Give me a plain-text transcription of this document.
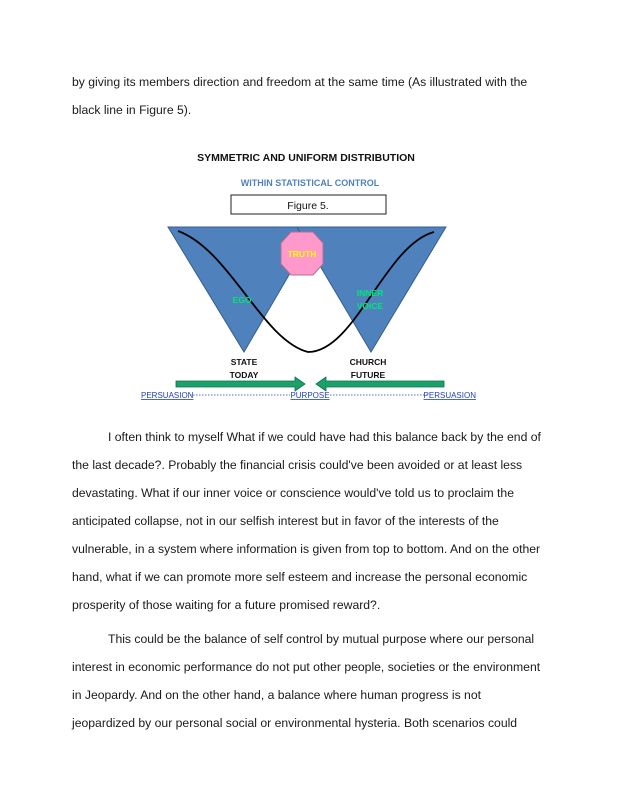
by giving its members direction and freedom at the same time (As illustrated with the
black line in Figure 5).
SYMMETRIC AND UNIFORM DISTRIBUTION
WITHIN STATISTICAL CONTROL
Figure 5.
TRUTH
EGO
INNER
VOICE
STATE
TODAY
CHURCH
FUTURE
PERSUASION	PURPOSE	PERSUASION
I often think to myself What if we could have had this balance back by the end of
the last decade?. Probably the financial crisis could've been avoided or at least less
devastating. What if our inner voice or conscience would've told us to proclaim the
anticipated collapse, not in our selfish interest but in favor of the interests of the
vulnerable, in a system where information is given from top to bottom. And on the other
hand, what if we can promote more self esteem and increase the personal economic
prosperity of those waiting for a future promised reward?.
This could be the balance of self control by mutual purpose where our personal
interest in economic performance do not put other people, societies or the environment
in Jeopardy. And on the other hand, a balance where human progress is not
jeopardized by our personal social or environmental hysteria. Both scenarios could
